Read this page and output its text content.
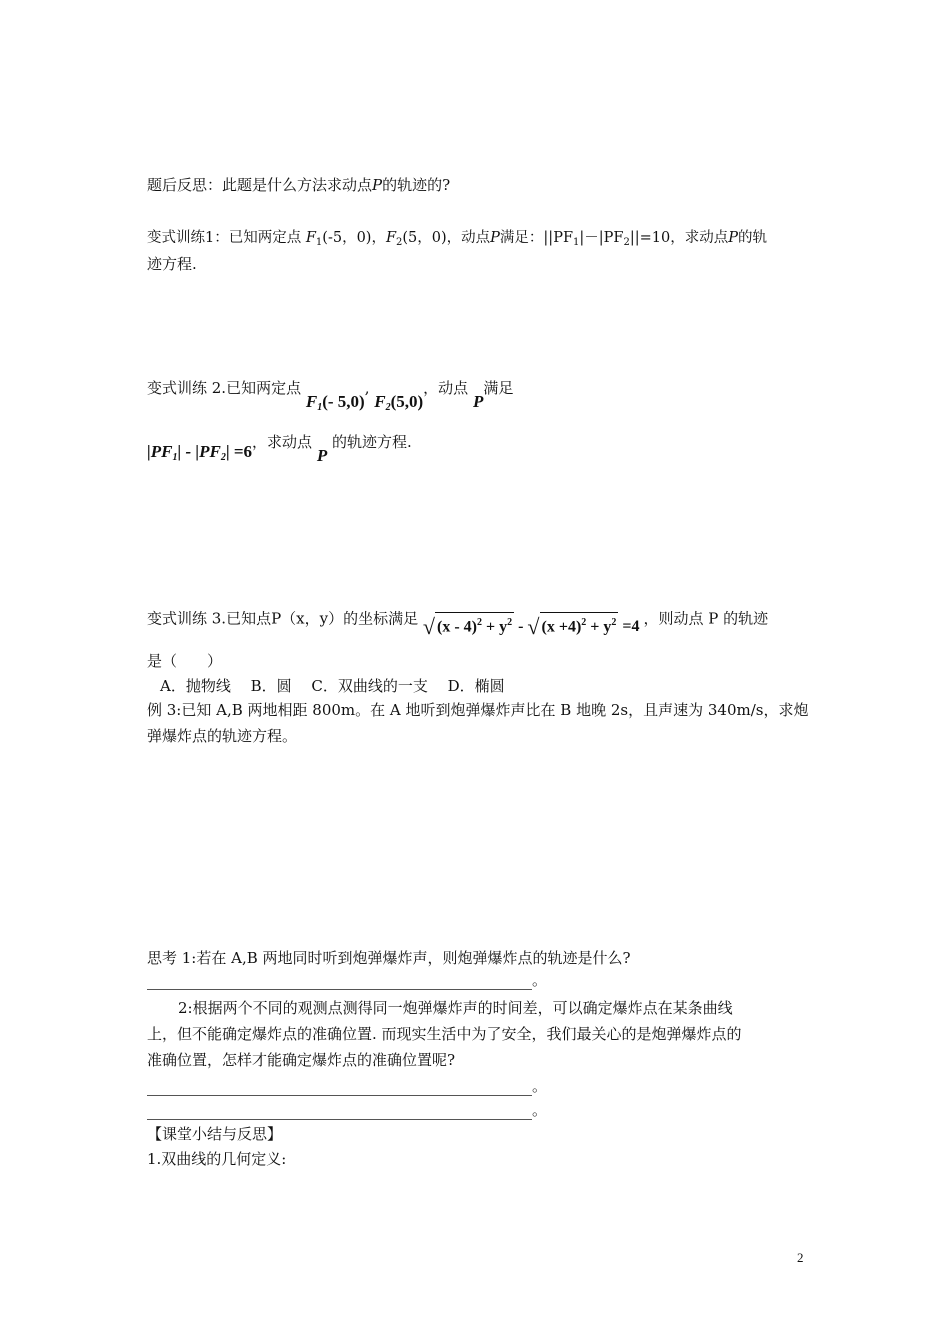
题后反思：此题是什么方法求动点P的轨迹的?
变式训练1：已知两定点 $F_1(-5$，0)，$F_2(5$，0)，动点P满足：$||PF_1|-|PF_2||=10$，求动点P的轨
迹方程.
变式训练 2.已知两定点 $F_1(-$ 5,0), $F_2(5,0)$，动点 P满足
$|PF_1| - |PF_2| =6$，求动点 P 的轨迹方程.
变式训练 3.已知点P（x，y）的坐标满足 √ $(x - 4)^2 + y^2$ - √ $(x +4)^2 + y^2 =4$ ，则动点 P 的轨迹
是（　　）
A．抛物线　 B．圆　 C．双曲线的一支　 D．椭圆
例 3:已知 A,B 两地相距 800m。在 A 地听到炮弹爆炸声比在 B 地晚 2s，且声速为 340m/s，求炮
弹爆炸点的轨迹方程。
思考 1:若在 A,B 两地同时听到炮弹爆炸声，则炮弹爆炸点的轨迹是什么?
。
2:根据两个不同的观测点测得同一炮弹爆炸声的时间差，可以确定爆炸点在某条曲线
上，但不能确定爆炸点的准确位置. 而现实生活中为了安全，我们最关心的是炮弹爆炸点的
准确位置，怎样才能确定爆炸点的准确位置呢?
。
。
【课堂小结与反思】
1.双曲线的几何定义:
2
